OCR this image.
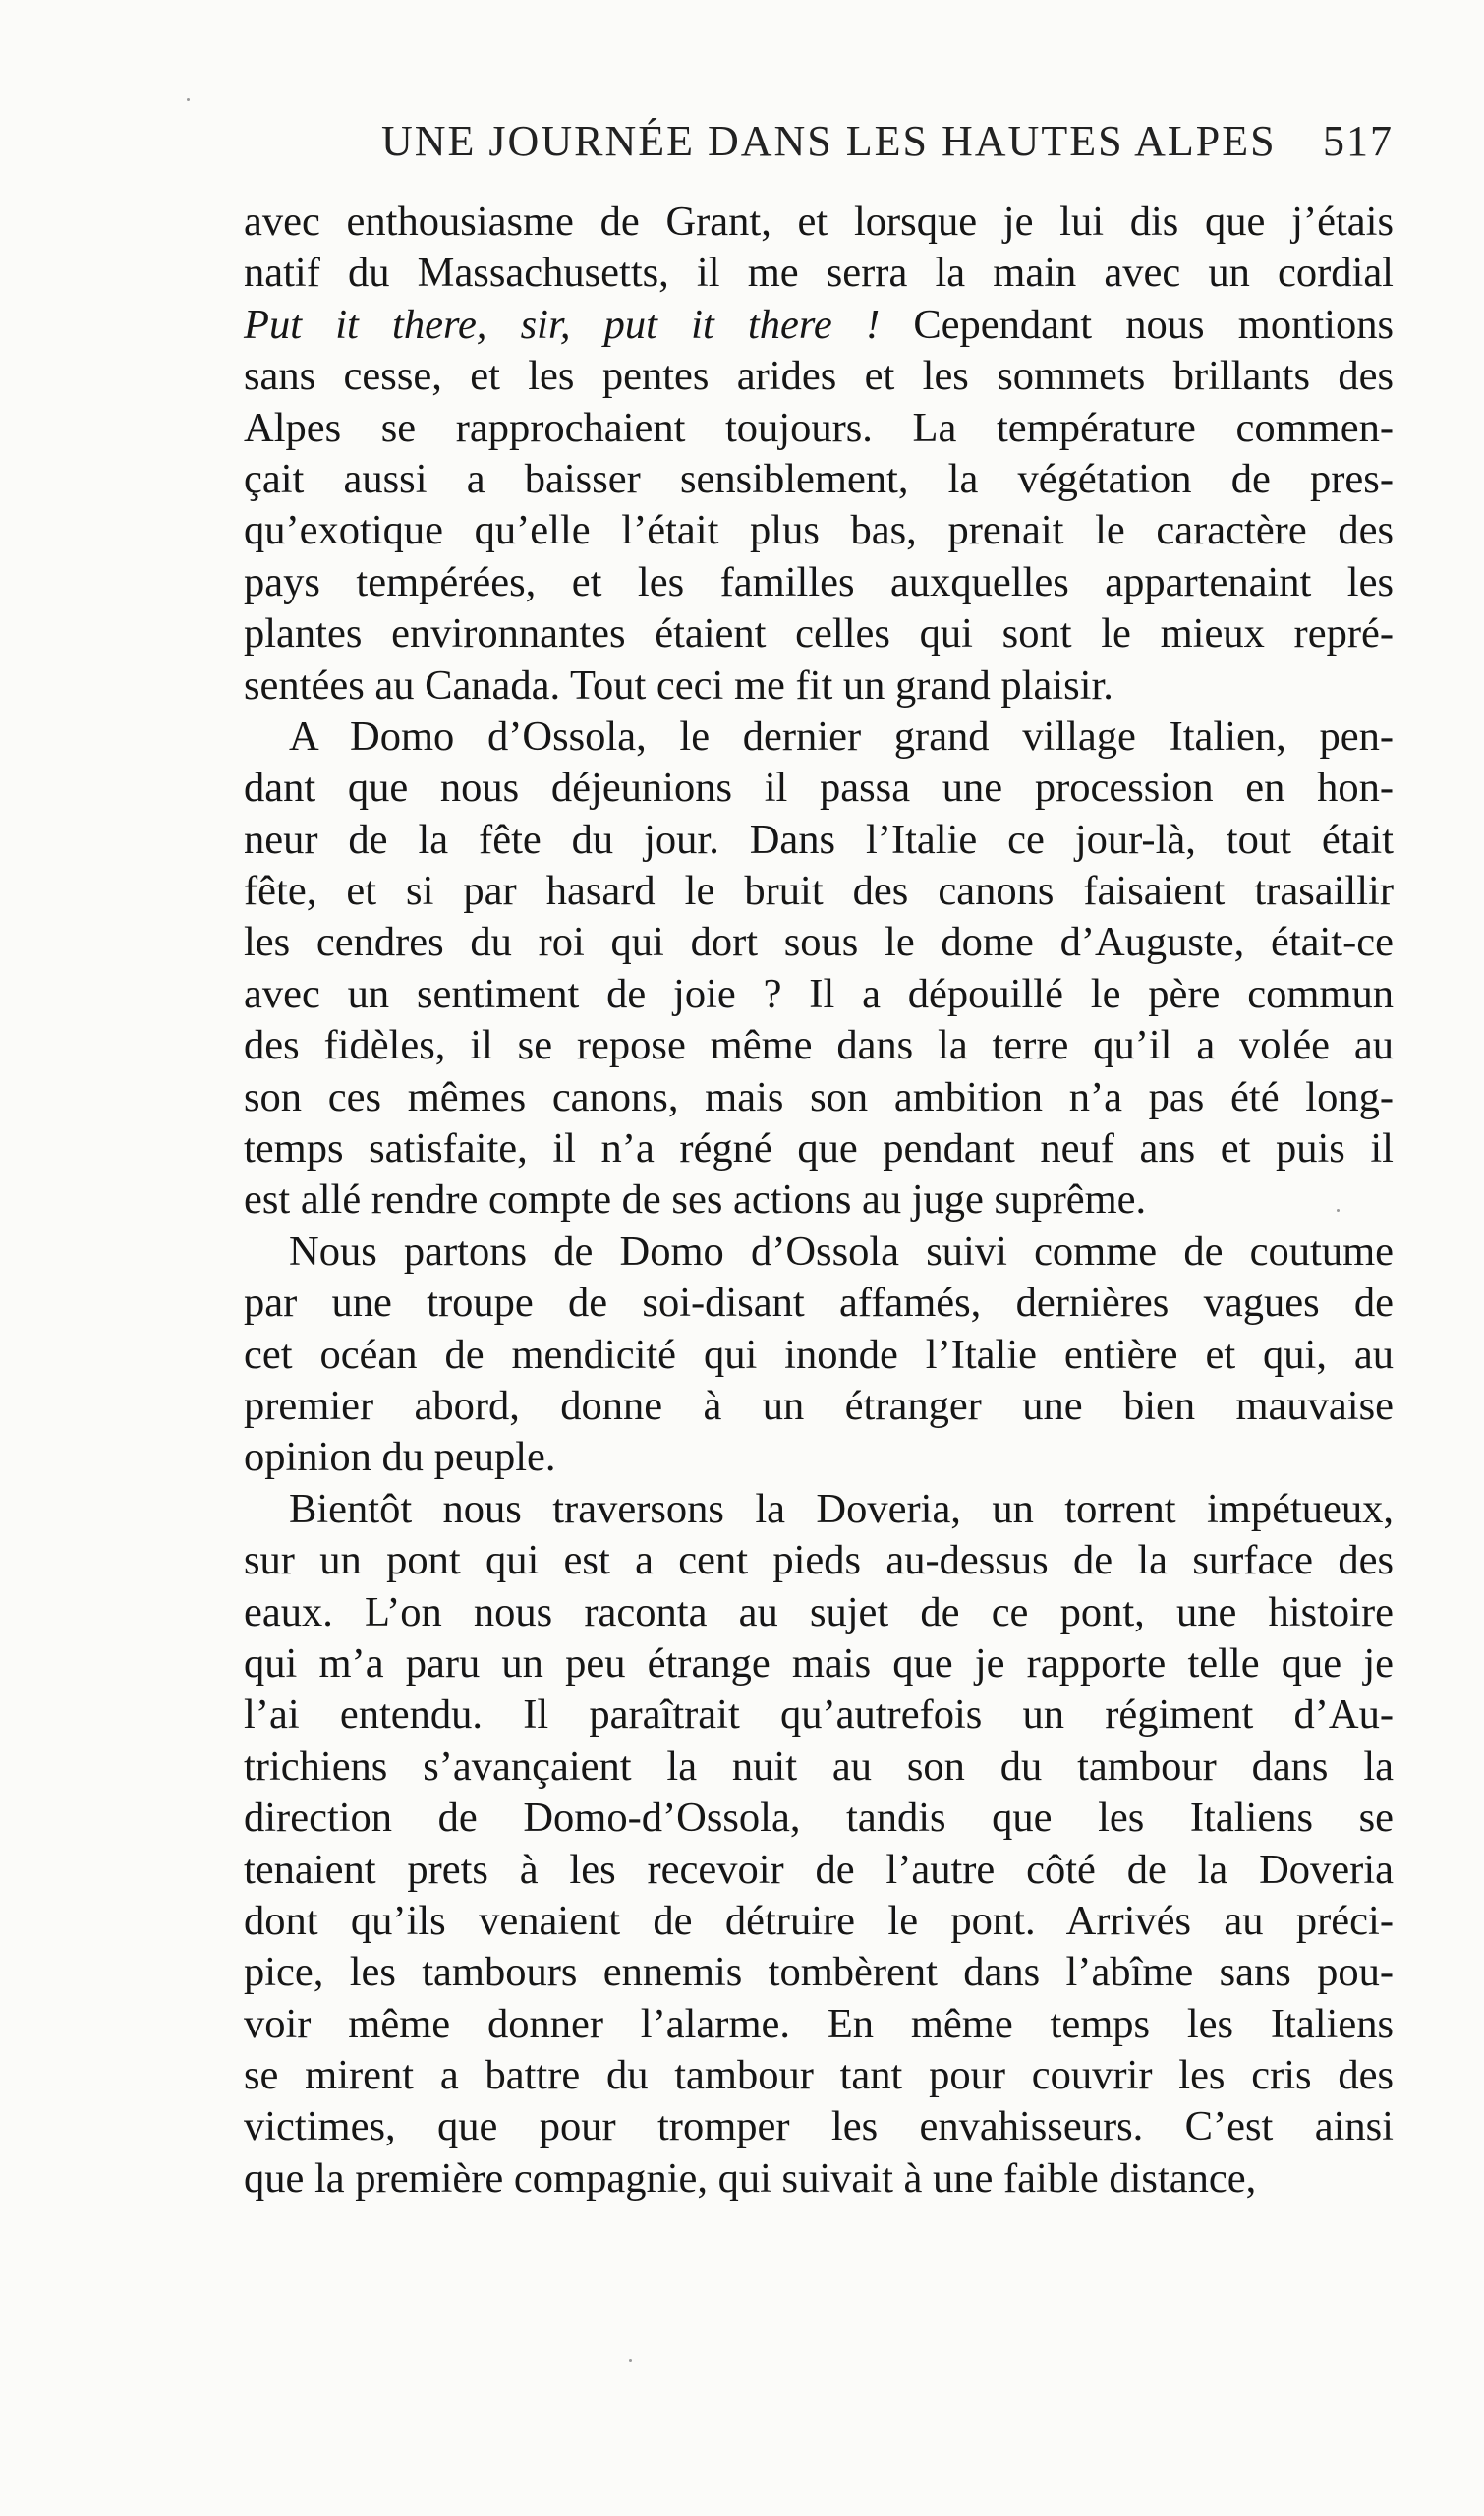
UNE JOURNÉE DANS LES HAUTES ALPES 517
avec enthousiasme de Grant, et lorsque je lui dis que j’étais
natif du Massachusetts, il me serra la main avec un cordial
Put it there, sir, put it there ! Cependant nous montions
sans cesse, et les pentes arides et les sommets brillants des
Alpes se rapprochaient toujours. La température commen-
çait aussi a baisser sensiblement, la végétation de pres-
qu’exotique qu’elle l’était plus bas, prenait le caractère des
pays tempérées, et les familles auxquelles appartenaint les
plantes environnantes étaient celles qui sont le mieux repré-
sentées au Canada. Tout ceci me fit un grand plaisir.
A Domo d’Ossola, le dernier grand village Italien, pen-
dant que nous déjeunions il passa une procession en hon-
neur de la fête du jour. Dans l’Italie ce jour-là, tout était
fête, et si par hasard le bruit des canons faisaient trasaillir
les cendres du roi qui dort sous le dome d’Auguste, était-ce
avec un sentiment de joie ? Il a dépouillé le père commun
des fidèles, il se repose même dans la terre qu’il a volée au
son ces mêmes canons, mais son ambition n’a pas été long-
temps satisfaite, il n’a régné que pendant neuf ans et puis il
est allé rendre compte de ses actions au juge suprême.
Nous partons de Domo d’Ossola suivi comme de coutume
par une troupe de soi-disant affamés, dernières vagues de
cet océan de mendicité qui inonde l’Italie entière et qui, au
premier abord, donne à un étranger une bien mauvaise
opinion du peuple.
Bientôt nous traversons la Doveria, un torrent impétueux,
sur un pont qui est a cent pieds au-dessus de la surface des
eaux. L’on nous raconta au sujet de ce pont, une histoire
qui m’a paru un peu étrange mais que je rapporte telle que je
l’ai entendu. Il paraîtrait qu’autrefois un régiment d’Au-
trichiens s’avançaient la nuit au son du tambour dans la
direction de Domo-d’Ossola, tandis que les Italiens se
tenaient prets à les recevoir de l’autre côté de la Doveria
dont qu’ils venaient de détruire le pont. Arrivés au préci-
pice, les tambours ennemis tombèrent dans l’abîme sans pou-
voir même donner l’alarme. En même temps les Italiens
se mirent a battre du tambour tant pour couvrir les cris des
victimes, que pour tromper les envahisseurs. C’est ainsi
que la première compagnie, qui suivait à une faible distance,
